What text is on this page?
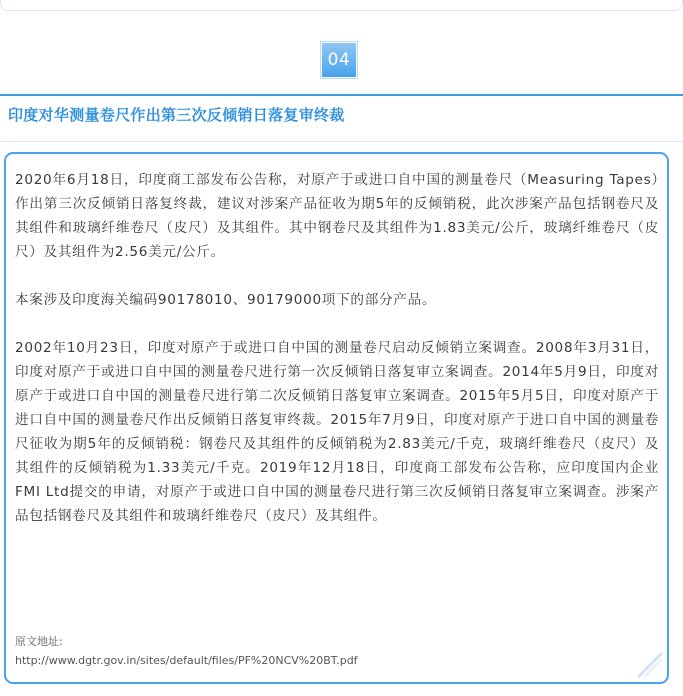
04
印度对华测量卷尺作出第三次反倾销日落复审终裁

2020年6月18日，印度商工部发布公告称，对原产于或进口自中国的测量卷尺（Measuring Tapes）作出第三次反倾销日落复终裁，建议对涉案产品征收为期5年的反倾销税，此次涉案产品包括钢卷尺及其组件和玻璃纤维卷尺（皮尺）及其组件。其中钢卷尺及其组件为1.83美元/公斤，玻璃纤维卷尺（皮尺）及其组件为2.56美元/公斤。

本案涉及印度海关编码90178010、90179000项下的部分产品。

2002年10月23日，印度对原产于或进口自中国的测量卷尺启动反倾销立案调查。2008年3月31日，印度对原产于或进口自中国的测量卷尺进行第一次反倾销日落复审立案调查。2014年5月9日，印度对原产于或进口自中国的测量卷尺进行第二次反倾销日落复审立案调查。2015年5月5日，印度对原产于进口自中国的测量卷尺作出反倾销日落复审终裁。2015年7月9日，印度对原产于进口自中国的测量卷尺征收为期5年的反倾销税：钢卷尺及其组件的反倾销税为2.83美元/千克，玻璃纤维卷尺（皮尺）及其组件的反倾销税为1.33美元/千克。2019年12月18日，印度商工部发布公告称，应印度国内企业FMI Ltd提交的申请，对原产于或进口自中国的测量卷尺进行第三次反倾销日落复审立案调查。涉案产品包括钢卷尺及其组件和玻璃纤维卷尺（皮尺）及其组件。

原文地址:
http://www.dgtr.gov.in/sites/default/files/PF%20NCV%20BT.pdf
